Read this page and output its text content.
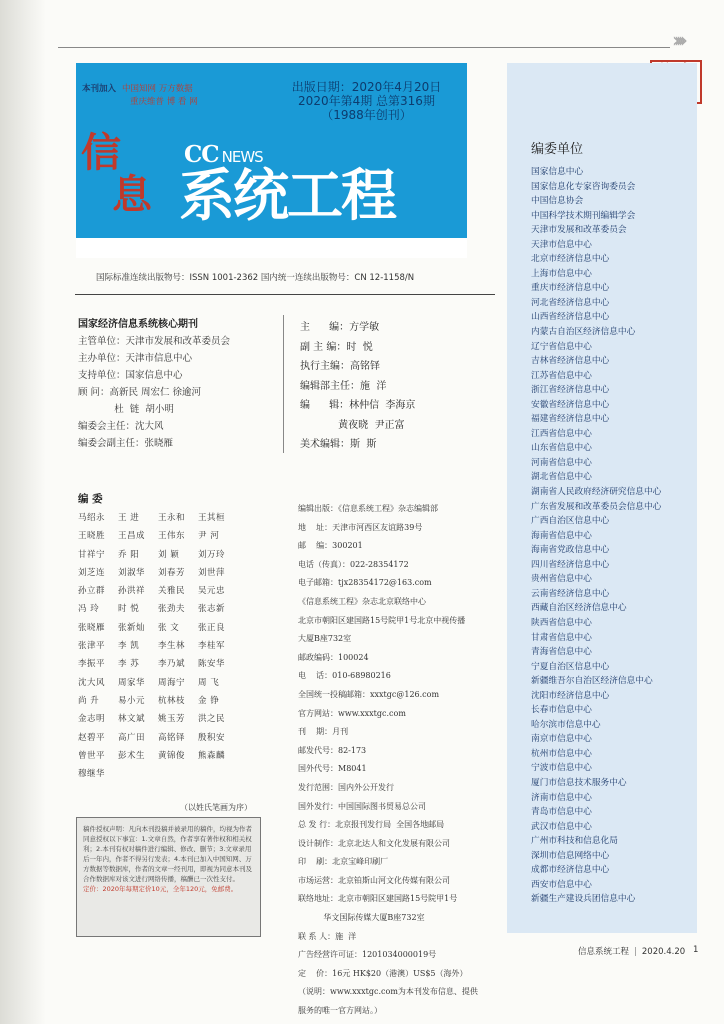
›››››
本刊加入 中国知网 万方数据
重庆维普 博 看 网
出版日期：2020年4月20日
2020年第4期 总第316期
（1988年创刊）
信
息
CC NEWS
系统工程
国际标准连续出版物号：ISSN 1001-2362 国内统一连续出版物号：CN 12-1158/N
国家经济信息系统核心期刊
主管单位：天津市发展和改革委员会
主办单位：天津市信息中心
支持单位：国家信息中心
顾 问：高新民 周宏仁 徐逾河
杜  链  胡小明
编委会主任：沈大风
编委会副主任：张晓雁
主      编：方学敏
副 主 编：时  悦
执行主编：高铭铎
编辑部主任：施  洋
编      辑：林仲信  李海京
黄夜晓  尹正富
美术编辑：斯  斯
编 委
马绍永 王 进 王永和 王其桓
王晓胜 王昌成 王伟东 尹 河
甘祥宁 乔 阳 刘 颖 刘万玲
刘芝连 刘淑华 刘春芳 刘世萍
孙立群 孙洪祥 关雅民 吴元忠
冯 玲 时 悦 张劲夫 张志新
张晓雁 张新灿 张 文 张正良
张津平 李 凯 李生林 李桂军
李振平 李 苏 李乃斌 陈安华
沈大风 周家华 周海宁 周 飞
尚 升 易小元 杭林枝 金 铮
金志明 林文斌 姚玉芳 洪之民
赵碧平 高广田 高铭铎 殷积安
曾世平 彭术生 黄锦俊 熊森麟
穆继华
（以姓氏笔画为序）
稿件授权声明：凡向本刊投稿并被录用的稿件，均视为作者同意授权以下事宜：1.文章自然，作者享有著作权和相关权利；2.本刊有权对稿件进行编辑、修改、删节；3.文章录用后一年内，作者不得另行发表；4.本刊已加入中国知网、万方数据等数据库，作者的文章一经刊用，即视为同意本刊及合作数据库对该文进行网络传播，稿酬已一次性支付。
定价：2020年每期定价10元，全年120元，免邮费。
编辑出版：《信息系统工程》杂志编辑部
地    址：天津市河西区友谊路39号
邮    编：300201
电话（传真）：022-28354172
电子邮箱：tjx28354172@163.com
《信息系统工程》杂志北京联络中心
北京市朝阳区建国路15号院甲1号北京中视传播
大厦B座732室
邮政编码：100024
电    话：010-68980216
全国统一投稿邮箱：xxxtgc@126.com
官方网站：www.xxxtgc.com
刊    期：月刊
邮发代号：82-173
国外代号：M8041
发行范围：国内外公开发行
国外发行：中国国际图书贸易总公司
总 发 行：北京报刊发行局  全国各地邮局
设计制作：北京北达人和文化发展有限公司
印    刷：北京宝峰印刷厂
市场运营：北京铂斯山河文化传媒有限公司
联络地址：北京市朝阳区建国路15号院甲1号
华文国际传媒大厦B座732室
联 系 人：施  洋
广告经营许可证：1201034000019号
定    价：16元 HK$20（港澳）US$5（海外）
（说明：www.xxxtgc.com为本刊发布信息、提供
服务的唯一官方网站。）
编委单位
国家信息中心
国家信息化专家咨询委员会
中国信息协会
中国科学技术期刊编辑学会
天津市发展和改革委员会
天津市信息中心
北京市经济信息中心
上海市信息中心
重庆市经济信息中心
河北省经济信息中心
山西省经济信息中心
内蒙古自治区经济信息中心
辽宁省信息中心
吉林省经济信息中心
江苏省信息中心
浙江省经济信息中心
安徽省经济信息中心
福建省经济信息中心
江西省信息中心
山东省信息中心
河南省信息中心
湖北省信息中心
湖南省人民政府经济研究信息中心
广东省发展和改革委员会信息中心
广西自治区信息中心
海南省信息中心
海南省党政信息中心
四川省经济信息中心
贵州省信息中心
云南省经济信息中心
西藏自治区经济信息中心
陕西省信息中心
甘肃省信息中心
青海省信息中心
宁夏自治区信息中心
新疆维吾尔自治区经济信息中心
沈阳市经济信息中心
长春市信息中心
哈尔滨市信息中心
南京市信息中心
杭州市信息中心
宁波市信息中心
厦门市信息技术服务中心
济南市信息中心
青岛市信息中心
武汉市信息中心
广州市科技和信息化局
深圳市信息网络中心
成都市经济信息中心
西安市信息中心
新疆生产建设兵团信息中心
信息系统工程 | 2020.4.20 1
